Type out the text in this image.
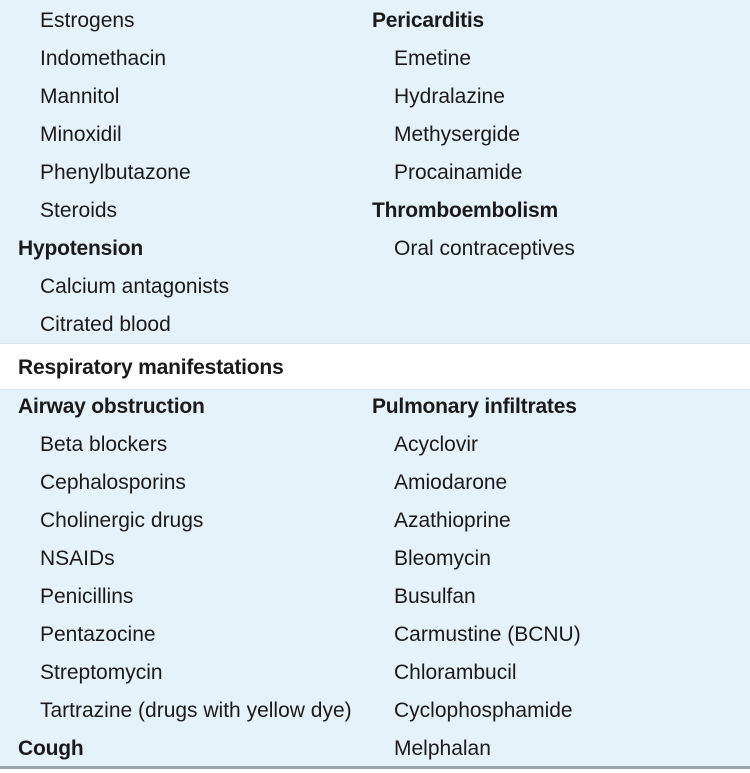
Estrogens
Indomethacin
Mannitol
Minoxidil
Phenylbutazone
Steroids
Hypotension
Calcium antagonists
Citrated blood
Pericarditis
Emetine
Hydralazine
Methysergide
Procainamide
Thromboembolism
Oral contraceptives
Respiratory manifestations
Airway obstruction
Beta blockers
Cephalosporins
Cholinergic drugs
NSAIDs
Penicillins
Pentazocine
Streptomycin
Tartrazine (drugs with yellow dye)
Cough
Pulmonary infiltrates
Acyclovir
Amiodarone
Azathioprine
Bleomycin
Busulfan
Carmustine (BCNU)
Chlorambucil
Cyclophosphamide
Melphalan
